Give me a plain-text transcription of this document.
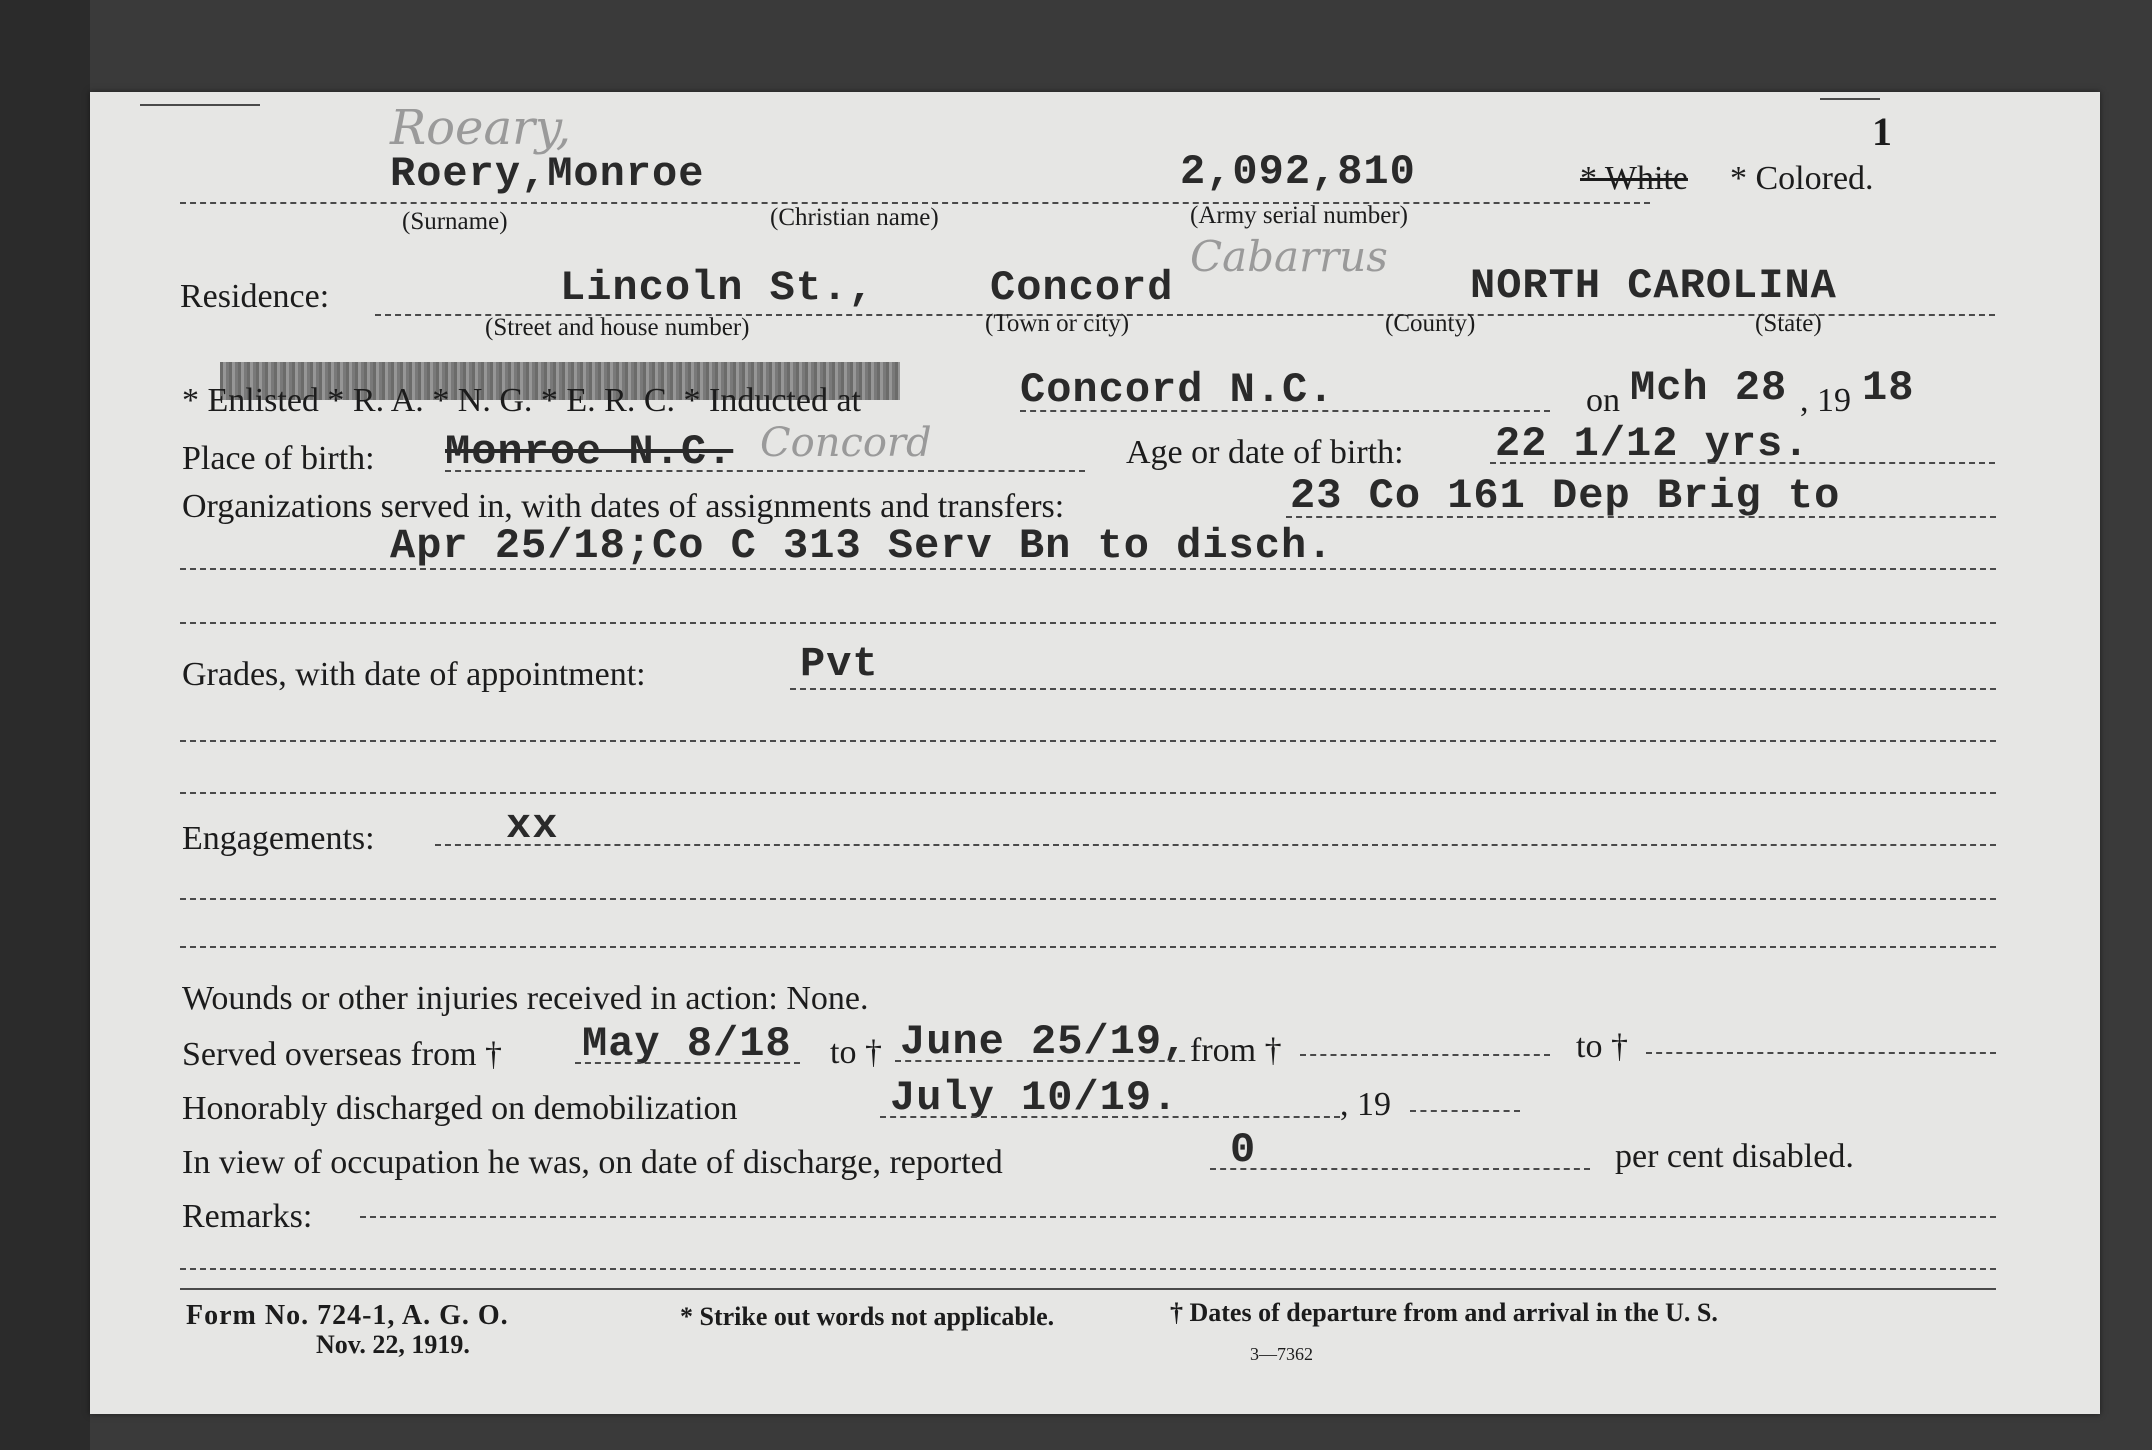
1
Roeary,
Roery,Monroe
(Surname)	(Christian name)
2,092,810
(Army serial number)
* White * Colored.
Residence:	Lincoln St.,	Concord
Cabarrus
NORTH CAROLINA
(Street and house number)	(Town or city)	(County)	(State)
* Enlisted * R. A. * N. G. * E. R. C. * Inducted at	Concord N.C.	on Mch 28 , 19 18
Place of birth: Monroe N.C. Concord	Age or date of birth: 22 1/12 yrs.
Organizations served in, with dates of assignments and transfers:	23 Co 161 Dep Brig to
Apr 25/18;Co C 313 Serv Bn to disch.
Grades, with date of appointment:	Pvt
Engagements:	xx
Wounds or other injuries received in action: None.
Served overseas from † May 8/18 to † June 25/19, from †	to †
Honorably discharged on demobilization	July 10/19.	, 19
In view of occupation he was, on date of discharge, reported	0	per cent disabled.
Remarks:
Form No. 724-1, A. G. O.
Nov. 22, 1919.
* Strike out words not applicable.	† Dates of departure from and arrival in the U. S.
3—7362
